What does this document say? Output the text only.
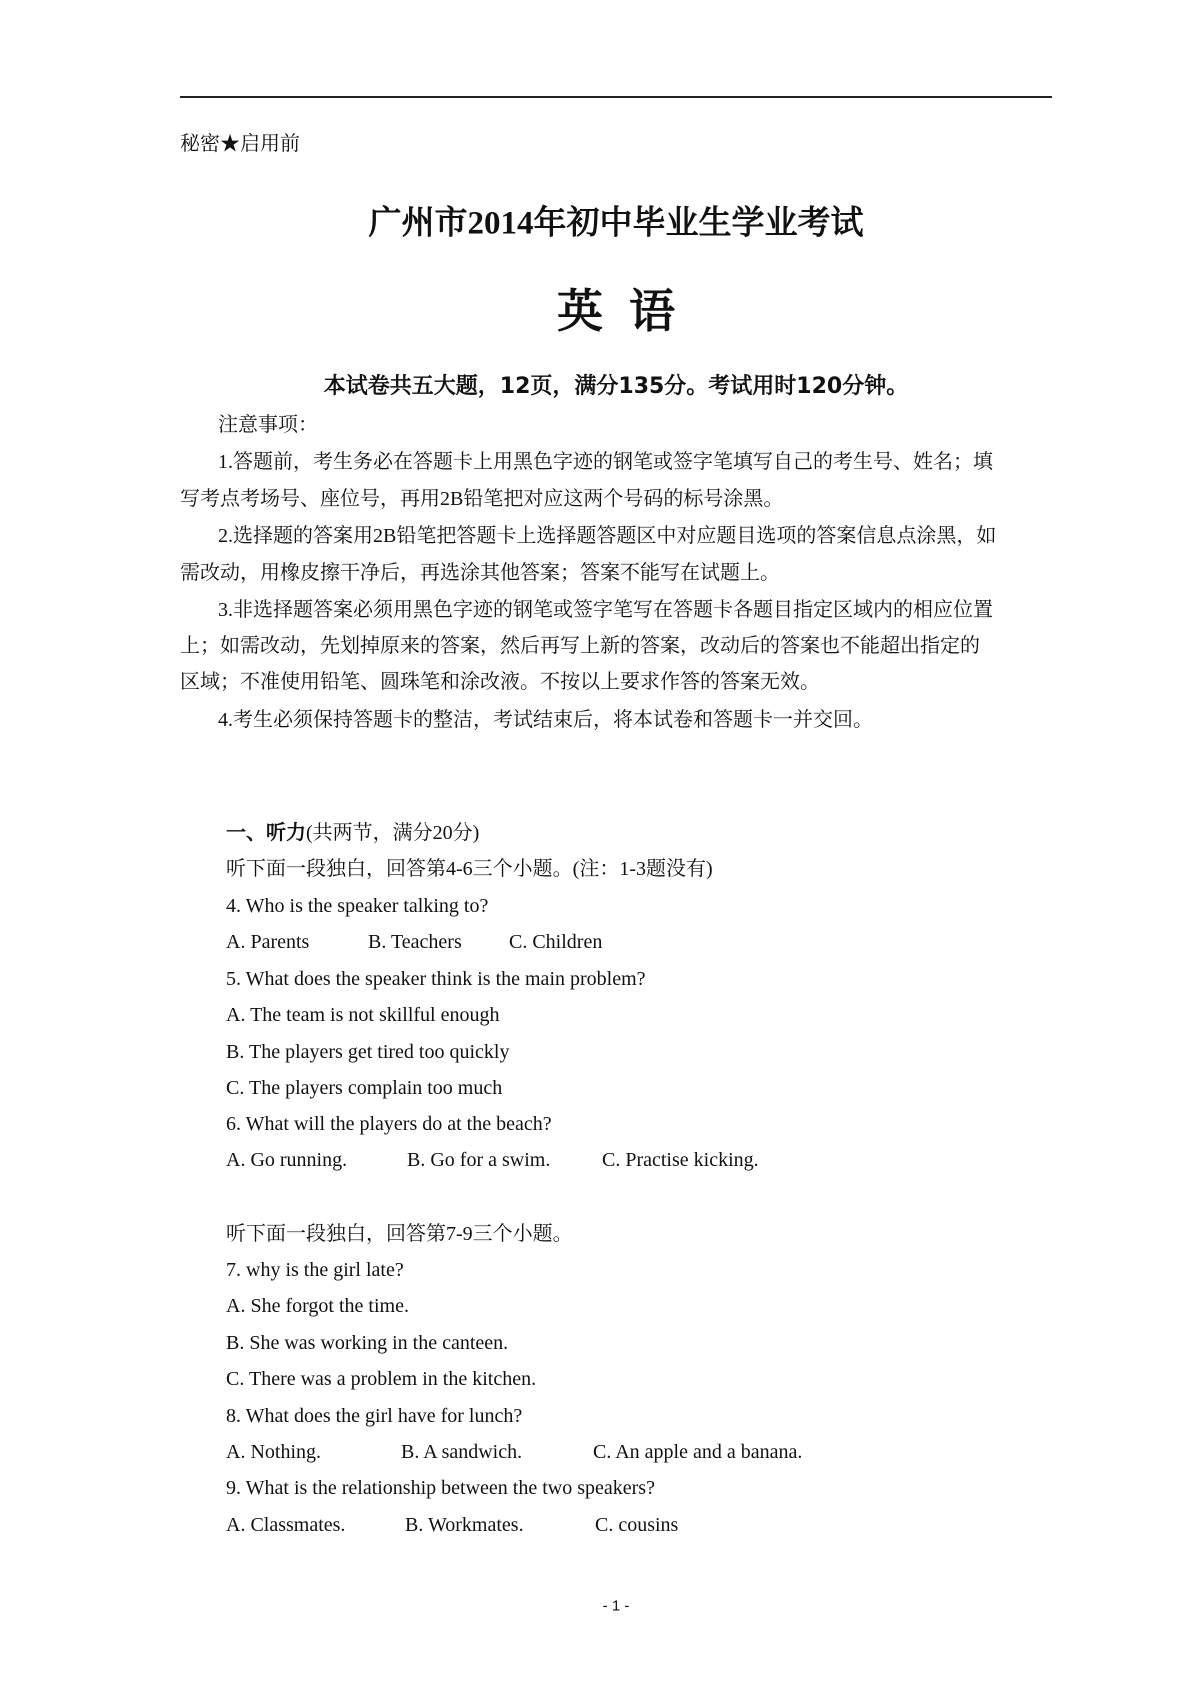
秘密★启用前
广州市2014年初中毕业生学业考试
英语
本试卷共五大题，12页，满分135分。考试用时120分钟。
注意事项：
1.答题前，考生务必在答题卡上用黑色字迹的钢笔或签字笔填写自己的考生号、姓名；填
写考点考场号、座位号，再用2B铅笔把对应这两个号码的标号涂黑。
2.选择题的答案用2B铅笔把答题卡上选择题答题区中对应题目选项的答案信息点涂黑，如
需改动，用橡皮擦干净后，再选涂其他答案；答案不能写在试题上。
3.非选择题答案必须用黑色字迹的钢笔或签字笔写在答题卡各题目指定区域内的相应位置
上；如需改动，先划掉原来的答案，然后再写上新的答案，改动后的答案也不能超出指定的
区域；不准使用铅笔、圆珠笔和涂改液。不按以上要求作答的答案无效。
4.考生必须保持答题卡的整洁，考试结束后，将本试卷和答题卡一并交回。
一、听力(共两节，满分20分)
听下面一段独白，回答第4-6三个小题。(注：1-3题没有)
4. Who is the speaker talking to?
A. Parents	B. Teachers C. Children
5. What does the speaker think is the main problem?
A. The team is not skillful enough
B. The players get tired too quickly
C. The players complain too much
6. What will the players do at the beach?
A. Go running.	B. Go for a swim.	C. Practise kicking.
听下面一段独白，回答第7-9三个小题。
7. why is the girl late?
A. She forgot the time.
B. She was working in the canteen.
C. There was a problem in the kitchen.
8. What does the girl have for lunch?
A. Nothing.	B. A sandwich.	C. An apple and a banana.
9. What is the relationship between the two speakers?
A. Classmates.	B. Workmates.	C. cousins
- 1 -
